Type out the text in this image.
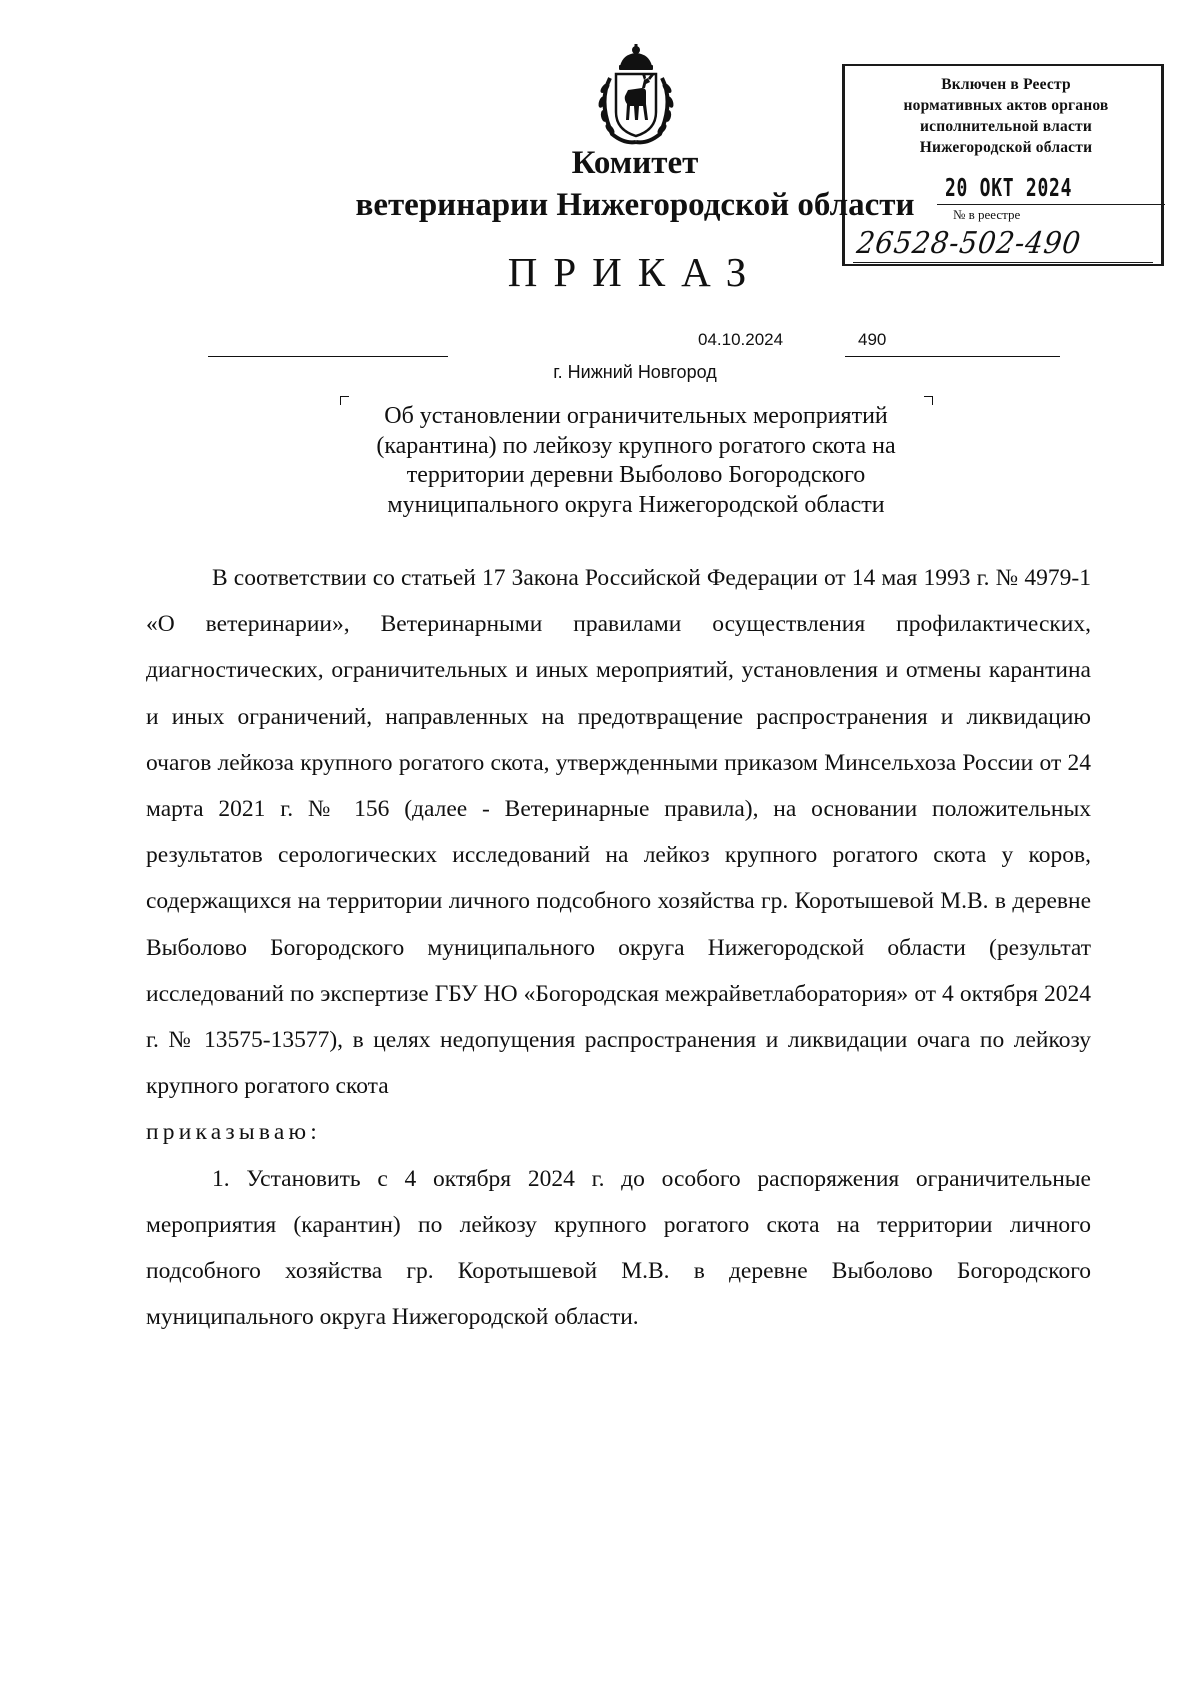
Включен в Реестр
нормативных актов органов
исполнительной власти
Нижегородской области
20 ОКТ 2024
№ в реестре
26528-502-490
Комитет
ветеринарии Нижегородской области
ПРИКАЗ
04.10.2024	490
г. Нижний Новгород
Об установлении ограничительных мероприятий (карантина) по лейкозу крупного рогатого скота на территории деревни Выболово Богородского муниципального округа Нижегородской области

В соответствии со статьей 17 Закона Российской Федерации от 14 мая 1993 г. № 4979-1 «О ветеринарии», Ветеринарными правилами осуществления профилактических, диагностических, ограничительных и иных мероприятий, установления и отмены карантина и иных ограничений, направленных на предотвращение распространения и ликвидацию очагов лейкоза крупного рогатого скота, утвержденными приказом Минсельхоза России от 24 марта 2021 г. № 156 (далее - Ветеринарные правила), на основании положительных результатов серологических исследований на лейкоз крупного рогатого скота у коров, содержащихся на территории личного подсобного хозяйства гр. Коротышевой М.В. в деревне Выболово Богородского муниципального округа Нижегородской области (результат исследований по экспертизе ГБУ НО «Богородская межрайветлаборатория» от 4 октября 2024 г. № 13575-13577), в целях недопущения распространения и ликвидации очага по лейкозу крупного рогатого скота

приказываю:

1. Установить с 4 октября 2024 г. до особого распоряжения ограничительные мероприятия (карантин) по лейкозу крупного рогатого скота на территории личного подсобного хозяйства гр. Коротышевой М.В. в деревне Выболово Богородского муниципального округа Нижегородской области.
